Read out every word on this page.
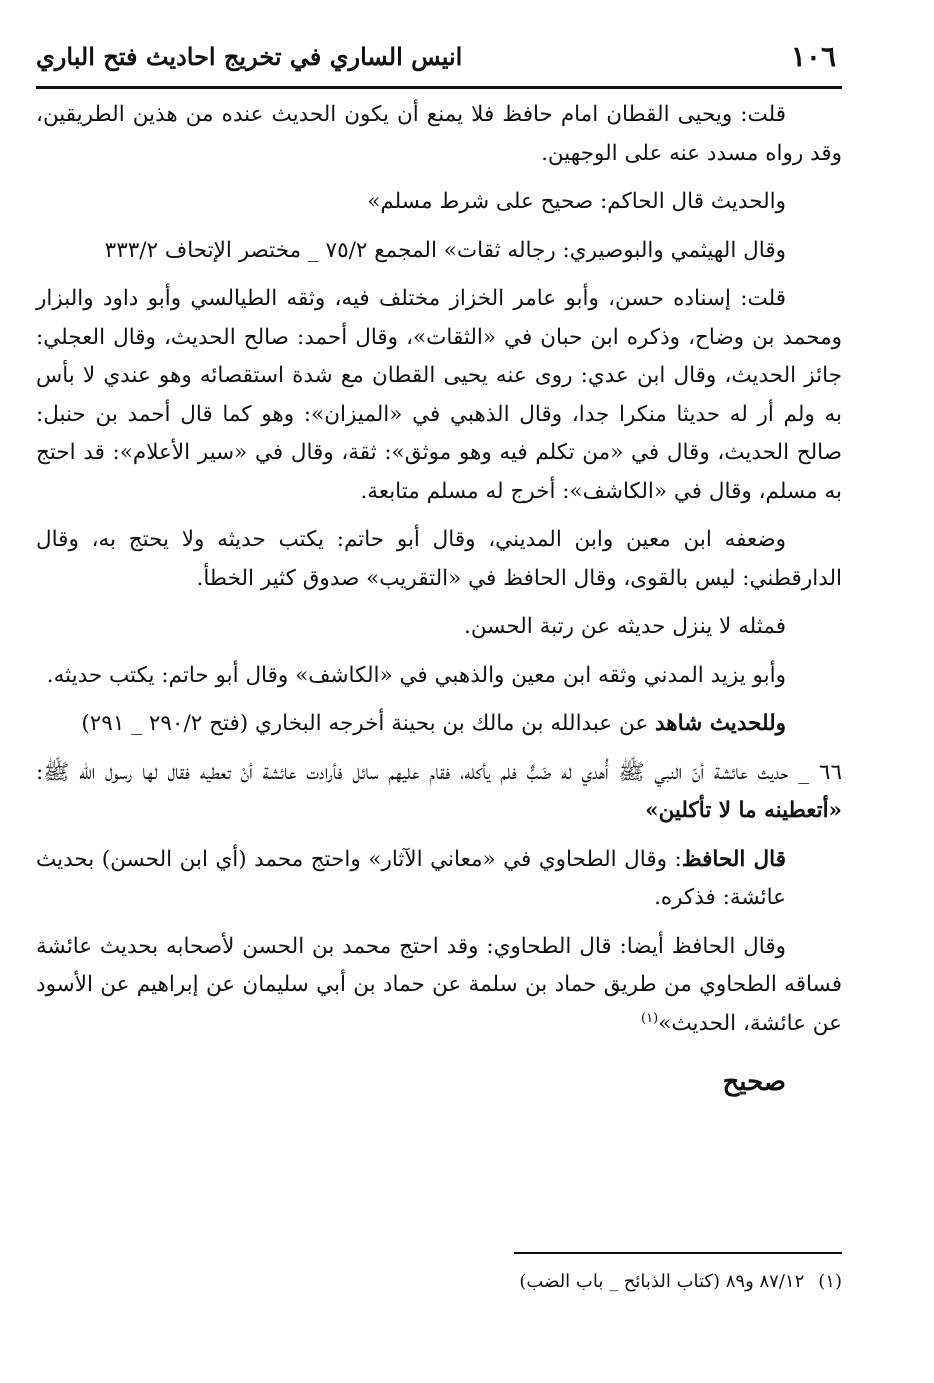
١٠٦
انيس الساري في تخريج احاديث فتح الباري

قلت: ويحيى القطان امام حافظ فلا يمنع أن يكون الحديث عنده من هذين الطريقين، وقد رواه مسدد عنه على الوجهين.

والحديث قال الحاكم: صحيح على شرط مسلم»

وقال الهيثمي والبوصيري: رجاله ثقات» المجمع ٧٥/٢ _ مختصر الإتحاف ٣٣٣/٢

قلت: إسناده حسن، وأبو عامر الخزاز مختلف فيه، وثقه الطيالسي وأبو داود والبزار ومحمد بن وضاح، وذكره ابن حبان في «الثقات»، وقال أحمد: صالح الحديث، وقال العجلي: جائز الحديث، وقال ابن عدي: روى عنه يحيى القطان مع شدة استقصائه وهو عندي لا بأس به ولم أر له حديثا منكرا جدا، وقال الذهبي في «الميزان»: وهو كما قال أحمد بن حنبل: صالح الحديث، وقال في «من تكلم فيه وهو موثق»: ثقة، وقال في «سير الأعلام»: قد احتج به مسلم، وقال في «الكاشف»: أخرج له مسلم متابعة.

وضعفه ابن معين وابن المديني، وقال أبو حاتم: يكتب حديثه ولا يحتج به، وقال الدارقطني: ليس بالقوى، وقال الحافظ في «التقريب» صدوق كثير الخطأ.

فمثله لا ينزل حديثه عن رتبة الحسن.

وأبو يزيد المدني وثقه ابن معين والذهبي في «الكاشف» وقال أبو حاتم: يكتب حديثه.

وللحديث شاهد عن عبدالله بن مالك بن بحينة أخرجه البخاري (فتح ٢٩٠/٢ _ ٢٩١)

٦٦ _ حديث عائشة أنّ النبي ﷺ أُهدي له ضَبٌّ فلم يأكله، فقام عليهم سائل فأرادت عائشة أنْ تعطيه فقال لها رسول الله ﷺ: «أتعطينه ما لا تأكلين»

قال الحافظ: وقال الطحاوي في «معاني الآثار» واحتج محمد (أي ابن الحسن) بحديث عائشة: فذكره.

وقال الحافظ أيضا: قال الطحاوي: وقد احتج محمد بن الحسن لأصحابه بحديث عائشة فساقه الطحاوي من طريق حماد بن سلمة عن حماد بن أبي سليمان عن إبراهيم عن الأسود عن عائشة، الحديث»$^{(١)}$

صحيح
(١)٨٧/١٢ و٨٩ (كتاب الذبائح _ باب الضب)
